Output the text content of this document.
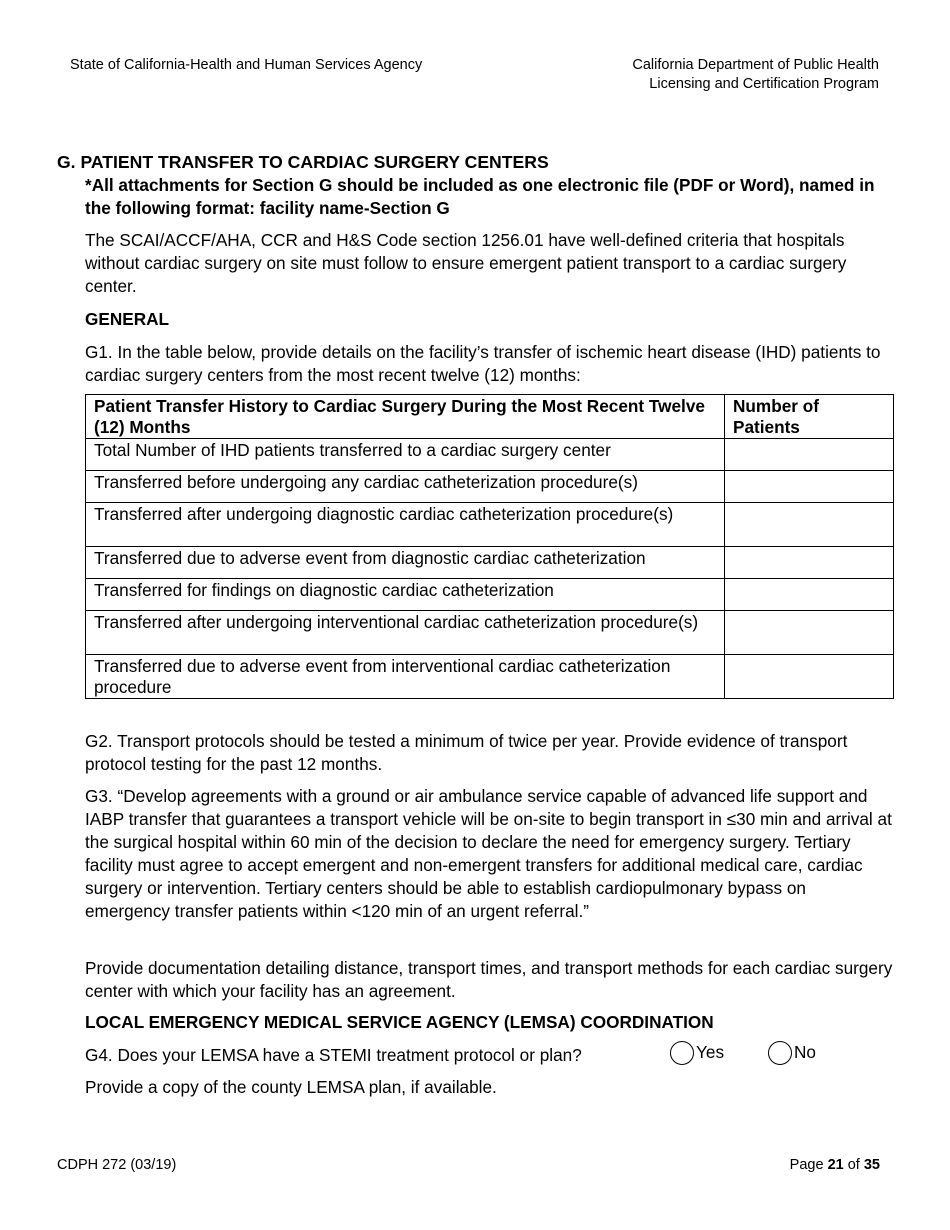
State of California-Health and Human Services Agency	California Department of Public Health
Licensing and Certification Program
G. PATIENT TRANSFER TO CARDIAC SURGERY CENTERS
*All attachments for Section G should be included as one electronic file (PDF or Word), named in the following format: facility name-Section G
The SCAI/ACCF/AHA, CCR and H&S Code section 1256.01 have well-defined criteria that hospitals without cardiac surgery on site must follow to ensure emergent patient transport to a cardiac surgery center.
GENERAL
G1. In the table below, provide details on the facility’s transfer of ischemic heart disease (IHD) patients to cardiac surgery centers from the most recent twelve (12) months:
Patient Transfer History to Cardiac Surgery During the Most Recent Twelve (12) Months	Number of Patients
Total Number of IHD patients transferred to a cardiac surgery center	
Transferred before undergoing any cardiac catheterization procedure(s)	
Transferred after undergoing diagnostic cardiac catheterization procedure(s)	
Transferred due to adverse event from diagnostic cardiac catheterization	
Transferred for findings on diagnostic cardiac catheterization	
Transferred after undergoing interventional cardiac catheterization procedure(s)	
Transferred due to adverse event from interventional cardiac catheterization procedure	
G2. Transport protocols should be tested a minimum of twice per year. Provide evidence of transport protocol testing for the past 12 months.
G3. “Develop agreements with a ground or air ambulance service capable of advanced life support and IABP transfer that guarantees a transport vehicle will be on-site to begin transport in ≤30 min and arrival at the surgical hospital within 60 min of the decision to declare the need for emergency surgery. Tertiary facility must agree to accept emergent and non-emergent transfers for additional medical care, cardiac surgery or intervention. Tertiary centers should be able to establish cardiopulmonary bypass on emergency transfer patients within <120 min of an urgent referral.”
Provide documentation detailing distance, transport times, and transport methods for each cardiac surgery center with which your facility has an agreement.
LOCAL EMERGENCY MEDICAL SERVICE AGENCY (LEMSA) COORDINATION
G4. Does your LEMSA have a STEMI treatment protocol or plan?	Yes	No
Provide a copy of the county LEMSA plan, if available.
CDPH 272 (03/19)	Page 21 of 35
